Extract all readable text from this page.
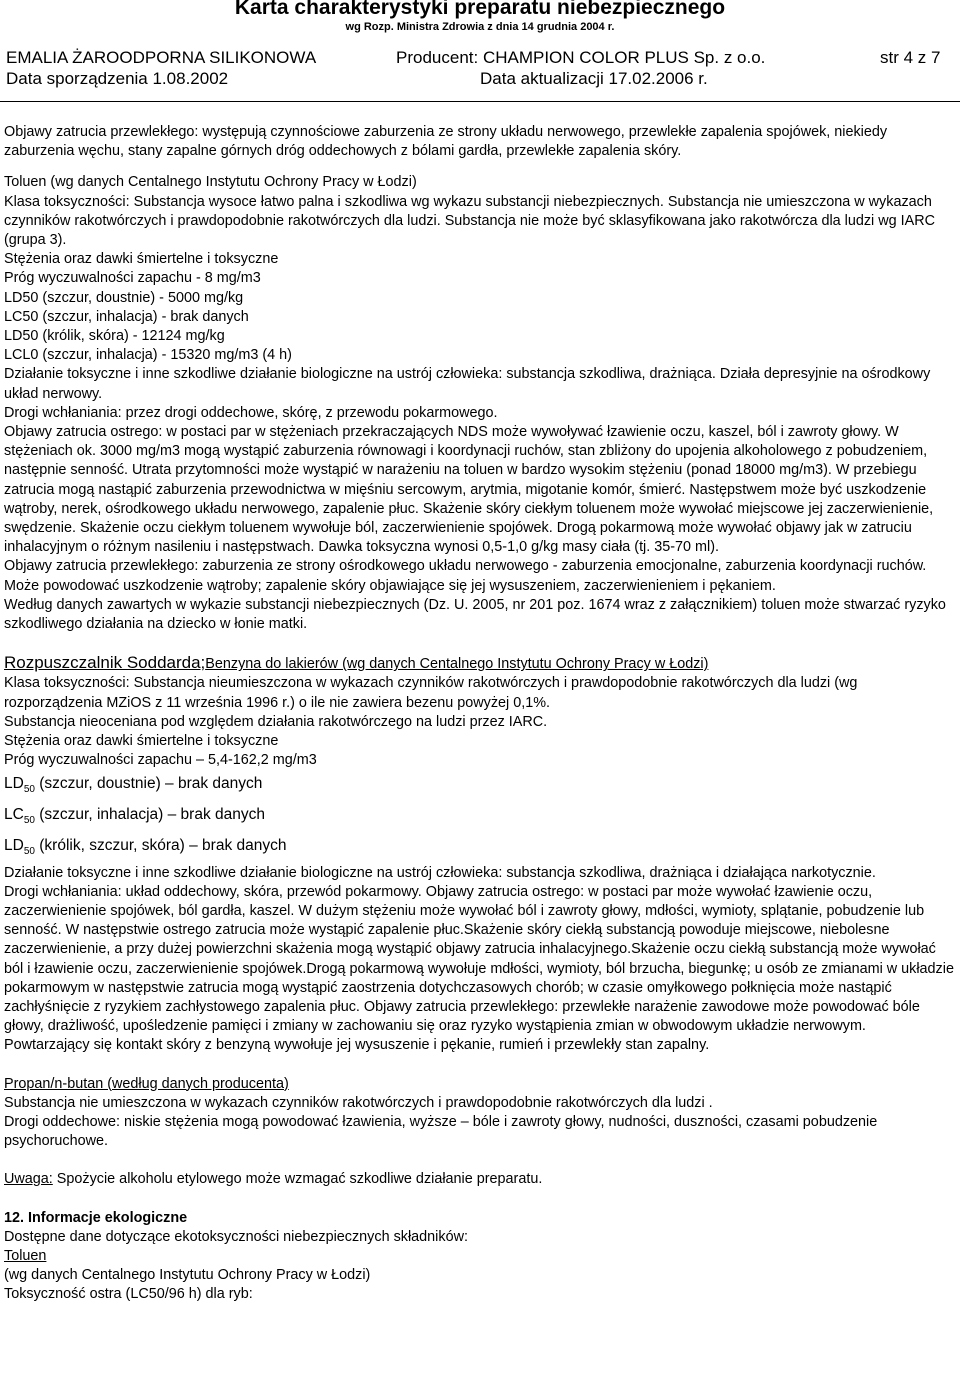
Karta charakterystyki preparatu niebezpiecznego
wg Rozp. Ministra Zdrowia z dnia 14 grudnia 2004 r.
EMALIA ŻAROODPORNA SILIKONOWA	Producent: CHAMPION COLOR PLUS Sp. z o.o.	str 4 z 7
Data sporządzenia 1.08.2002	Data aktualizacji 17.02.2006 r.

Objawy zatrucia przewlekłego: występują czynnościowe zaburzenia ze strony układu nerwowego, przewlekłe zapalenia spojówek, niekiedy zaburzenia węchu, stany zapalne górnych dróg oddechowych z bólami gardła, przewlekłe zapalenia skóry.

Toluen (wg danych Centalnego Instytutu Ochrony Pracy w Łodzi)

Klasa toksyczności: Substancja wysoce łatwo palna i szkodliwa wg wykazu substancji niebezpiecznych. Substancja nie umieszczona w wykazach czynników rakotwórczych i prawdopodobnie rakotwórczych dla ludzi. Substancja nie może być sklasyfikowana jako rakotwórcza dla ludzi wg IARC (grupa 3).

Stężenia oraz dawki śmiertelne i toksyczne

Próg wyczuwalności zapachu - 8 mg/m3

LD50 (szczur, doustnie) - 5000 mg/kg

LC50 (szczur, inhalacja) - brak danych

LD50 (królik, skóra) - 12124 mg/kg

LCL0 (szczur, inhalacja) - 15320 mg/m3 (4 h)

Działanie toksyczne i inne szkodliwe działanie biologiczne na ustrój człowieka: substancja szkodliwa, drażniąca. Działa depresyjnie na ośrodkowy układ nerwowy.

Drogi wchłaniania: przez drogi oddechowe, skórę, z przewodu pokarmowego.

Objawy zatrucia ostrego: w postaci par w stężeniach przekraczających NDS może wywoływać łzawienie oczu, kaszel, ból i zawroty głowy. W stężeniach ok. 3000 mg/m3 mogą wystąpić zaburzenia równowagi i koordynacji ruchów, stan zbliżony do upojenia alkoholowego z pobudzeniem, następnie senność. Utrata przytomności może wystąpić w narażeniu na toluen w bardzo wysokim stężeniu (ponad 18000 mg/m3). W przebiegu zatrucia mogą nastąpić zaburzenia przewodnictwa w mięśniu sercowym, arytmia, migotanie komór, śmierć. Następstwem może być uszkodzenie wątroby, nerek, ośrodkowego układu nerwowego, zapalenie płuc. Skażenie skóry ciekłym toluenem może wywołać miejscowe jej zaczerwienienie, swędzenie. Skażenie oczu ciekłym toluenem wywołuje ból, zaczerwienienie spojówek. Drogą pokarmową może wywołać objawy jak w zatruciu inhalacyjnym o różnym nasileniu i następstwach. Dawka toksyczna wynosi 0,5-1,0 g/kg masy ciała (tj. 35-70 ml).

Objawy zatrucia przewlekłego: zaburzenia ze strony ośrodkowego układu nerwowego - zaburzenia emocjonalne, zaburzenia koordynacji ruchów. Może powodować uszkodzenie wątroby; zapalenie skóry objawiające się jej wysuszeniem, zaczerwienieniem i pękaniem.

Według danych zawartych w wykazie substancji niebezpiecznych (Dz. U. 2005, nr 201 poz. 1674 wraz z załącznikiem) toluen może stwarzać ryzyko szkodliwego działania na dziecko w łonie matki.

Rozpuszczalnik Soddarda;Benzyna do lakierów (wg danych Centalnego Instytutu Ochrony Pracy w Łodzi)

Klasa toksyczności: Substancja nieumieszczona w wykazach czynników rakotwórczych i prawdopodobnie rakotwórczych dla ludzi (wg rozporządzenia MZiOS z 11 września 1996 r.) o ile nie zawiera bezenu powyżej 0,1%.

Substancja nieoceniana pod względem działania rakotwórczego na ludzi przez IARC.

Stężenia oraz dawki śmiertelne i toksyczne

Próg wyczuwalności zapachu – 5,4-162,2 mg/m3

$LD_{50}$ (szczur, doustnie) – brak danych

$LC_{50}$ (szczur, inhalacja) – brak danych

$LD_{50}$ (królik, szczur, skóra) – brak danych

Działanie toksyczne i inne szkodliwe działanie biologiczne na ustrój człowieka: substancja szkodliwa, drażniąca i działająca narkotycznie.

Drogi wchłaniania: układ oddechowy, skóra, przewód pokarmowy. Objawy zatrucia ostrego: w postaci par może wywołać łzawienie oczu, zaczerwienienie spojówek, ból gardła, kaszel. W dużym stężeniu może wywołać ból i zawroty głowy, mdłości, wymioty, splątanie, pobudzenie lub senność. W następstwie ostrego zatrucia może wystąpić zapalenie płuc.Skażenie skóry ciekłą substancją powoduje miejscowe, niebolesne zaczerwienienie, a przy dużej powierzchni skażenia mogą wystąpić objawy zatrucia inhalacyjnego.Skażenie oczu ciekłą substancją może wywołać ból i łzawienie oczu, zaczerwienienie spojówek.Drogą pokarmową wywołuje mdłości, wymioty, ból brzucha, biegunkę; u osób ze zmianami w układzie pokarmowym w następstwie zatrucia mogą wystąpić zaostrzenia dotychczasowych chorób; w czasie omyłkowego połknięcia może nastąpić zachłyśnięcie z ryzykiem zachłystowego zapalenia płuc. Objawy zatrucia przewlekłego: przewlekłe narażenie zawodowe może powodować bóle głowy, drażliwość, upośledzenie pamięci i zmiany w zachowaniu się oraz ryzyko wystąpienia zmian w obwodowym układzie nerwowym. Powtarzający się kontakt skóry z benzyną wywołuje jej wysuszenie i pękanie, rumień i przewlekły stan zapalny.

Propan/n-butan (według danych producenta)

Substancja nie umieszczona w wykazach czynników rakotwórczych i prawdopodobnie rakotwórczych dla ludzi .

Drogi oddechowe: niskie stężenia mogą powodować łzawienia, wyższe – bóle i zawroty głowy, nudności, duszności, czasami pobudzenie psychoruchowe.

Uwaga: Spożycie alkoholu etylowego może wzmagać szkodliwe działanie preparatu.

12. Informacje ekologiczne

Dostępne dane dotyczące ekotoksyczności niebezpiecznych składników:

Toluen

(wg danych Centalnego Instytutu Ochrony Pracy w Łodzi)

Toksyczność ostra (LC50/96 h) dla ryb:
